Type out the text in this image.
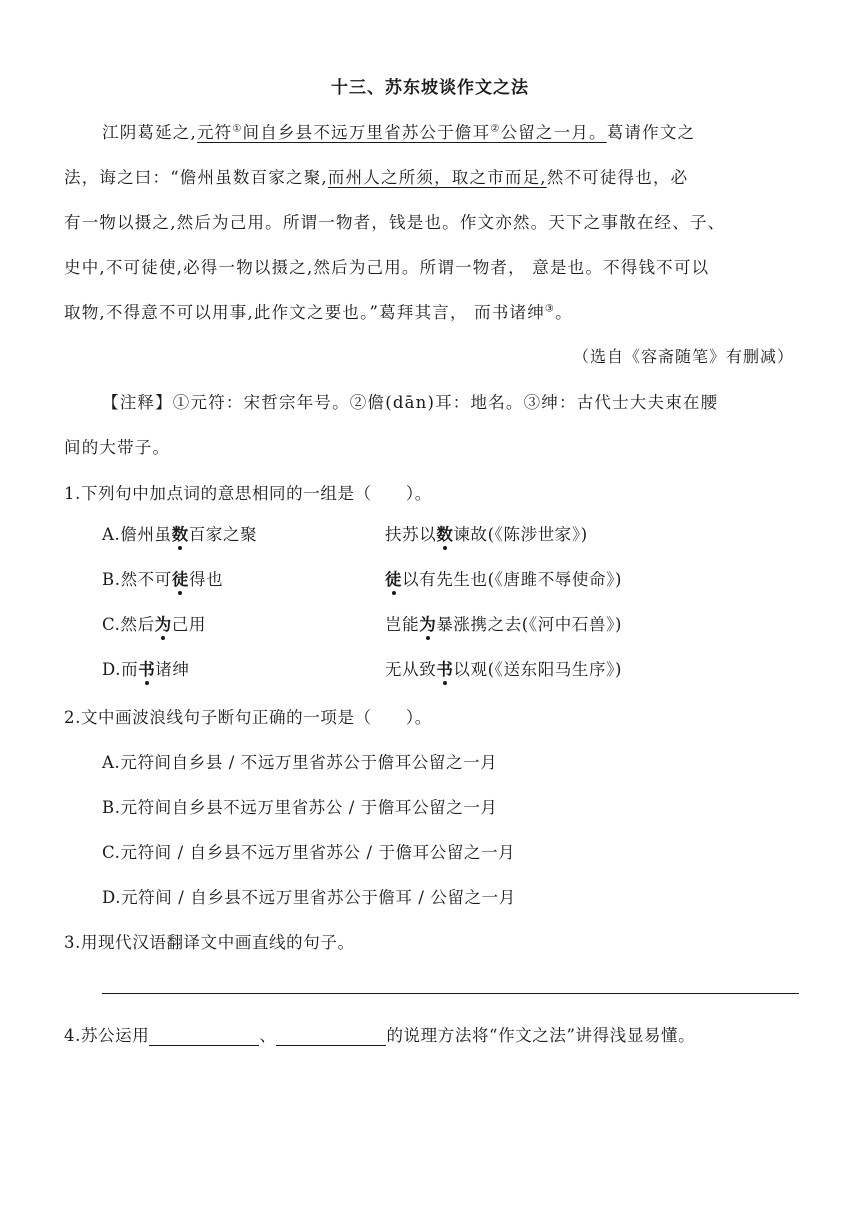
十三、苏东坡谈作文之法
江阴葛延之,元符①间自乡县不远万里省苏公于儋耳②公留之一月。葛请作文之
法，诲之曰：“儋州虽数百家之聚,而州人之所须，取之市而足,然不可徒得也，必
有一物以摄之,然后为己用。所谓一物者，钱是也。作文亦然。天下之事散在经、子、
史中,不可徒使,必得一物以摄之,然后为己用。所谓一物者， 意是也。不得钱不可以
取物,不得意不可以用事,此作文之要也。”葛拜其言， 而书诸绅③。
（选自《容斋随笔》有删减）
【注释】①元符：宋哲宗年号。②儋(dān)耳：地名。③绅：古代士大夫束在腰
间的大带子。
1.下列句中加点词的意思相同的一组是（　　）。
A.儋州虽数百家之聚	扶苏以数谏故(《陈涉世家》)
B.然不可徒得也	徒以有先生也(《唐雎不辱使命》)
C.然后为己用	岂能为暴涨携之去(《河中石兽》)
D.而书诸绅	无从致书以观(《送东阳马生序》)
2.文中画波浪线句子断句正确的一项是（　　）。
A.元符间自乡县 / 不远万里省苏公于儋耳公留之一月
B.元符间自乡县不远万里省苏公 / 于儋耳公留之一月
C.元符间 / 自乡县不远万里省苏公 / 于儋耳公留之一月
D.元符间 / 自乡县不远万里省苏公于儋耳 / 公留之一月
3.用现代汉语翻译文中画直线的句子。
4.苏公运用	、	的说理方法将“作文之法”讲得浅显易懂。
